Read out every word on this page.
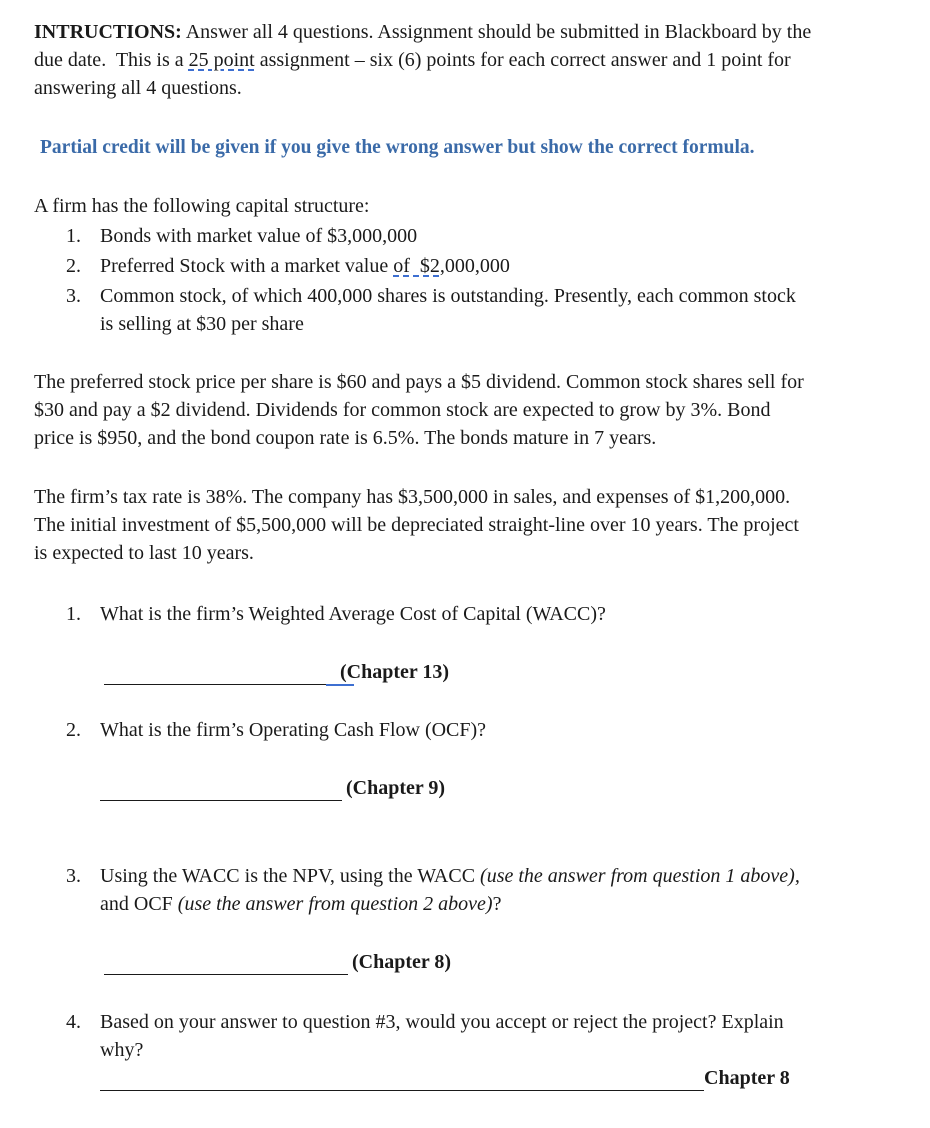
INTRUCTIONS: Answer all 4 questions. Assignment should be submitted in Blackboard by the
due date.  This is a 25 point assignment – six (6) points for each correct answer and 1 point for
answering all 4 questions.
Partial credit will be given if you give the wrong answer but show the correct formula.
A firm has the following capital structure:
1. Bonds with market value of $3,000,000
2. Preferred Stock with a market value of  $2,000,000
3. Common stock, of which 400,000 shares is outstanding. Presently, each common stock
is selling at $30 per share
The preferred stock price per share is $60 and pays a $5 dividend. Common stock shares sell for
$30 and pay a $2 dividend. Dividends for common stock are expected to grow by 3%. Bond
price is $950, and the bond coupon rate is 6.5%. The bonds mature in 7 years.
The firm’s tax rate is 38%. The company has $3,500,000 in sales, and expenses of $1,200,000.
The initial investment of $5,500,000 will be depreciated straight-line over 10 years. The project
is expected to last 10 years.
1. What is the firm’s Weighted Average Cost of Capital (WACC)?
(Chapter 13)
2. What is the firm’s Operating Cash Flow (OCF)?
(Chapter 9)
3. Using the WACC is the NPV, using the WACC (use the answer from question 1 above),
and OCF (use the answer from question 2 above)?
(Chapter 8)
4. Based on your answer to question #3, would you accept or reject the project? Explain
why?
Chapter 8
